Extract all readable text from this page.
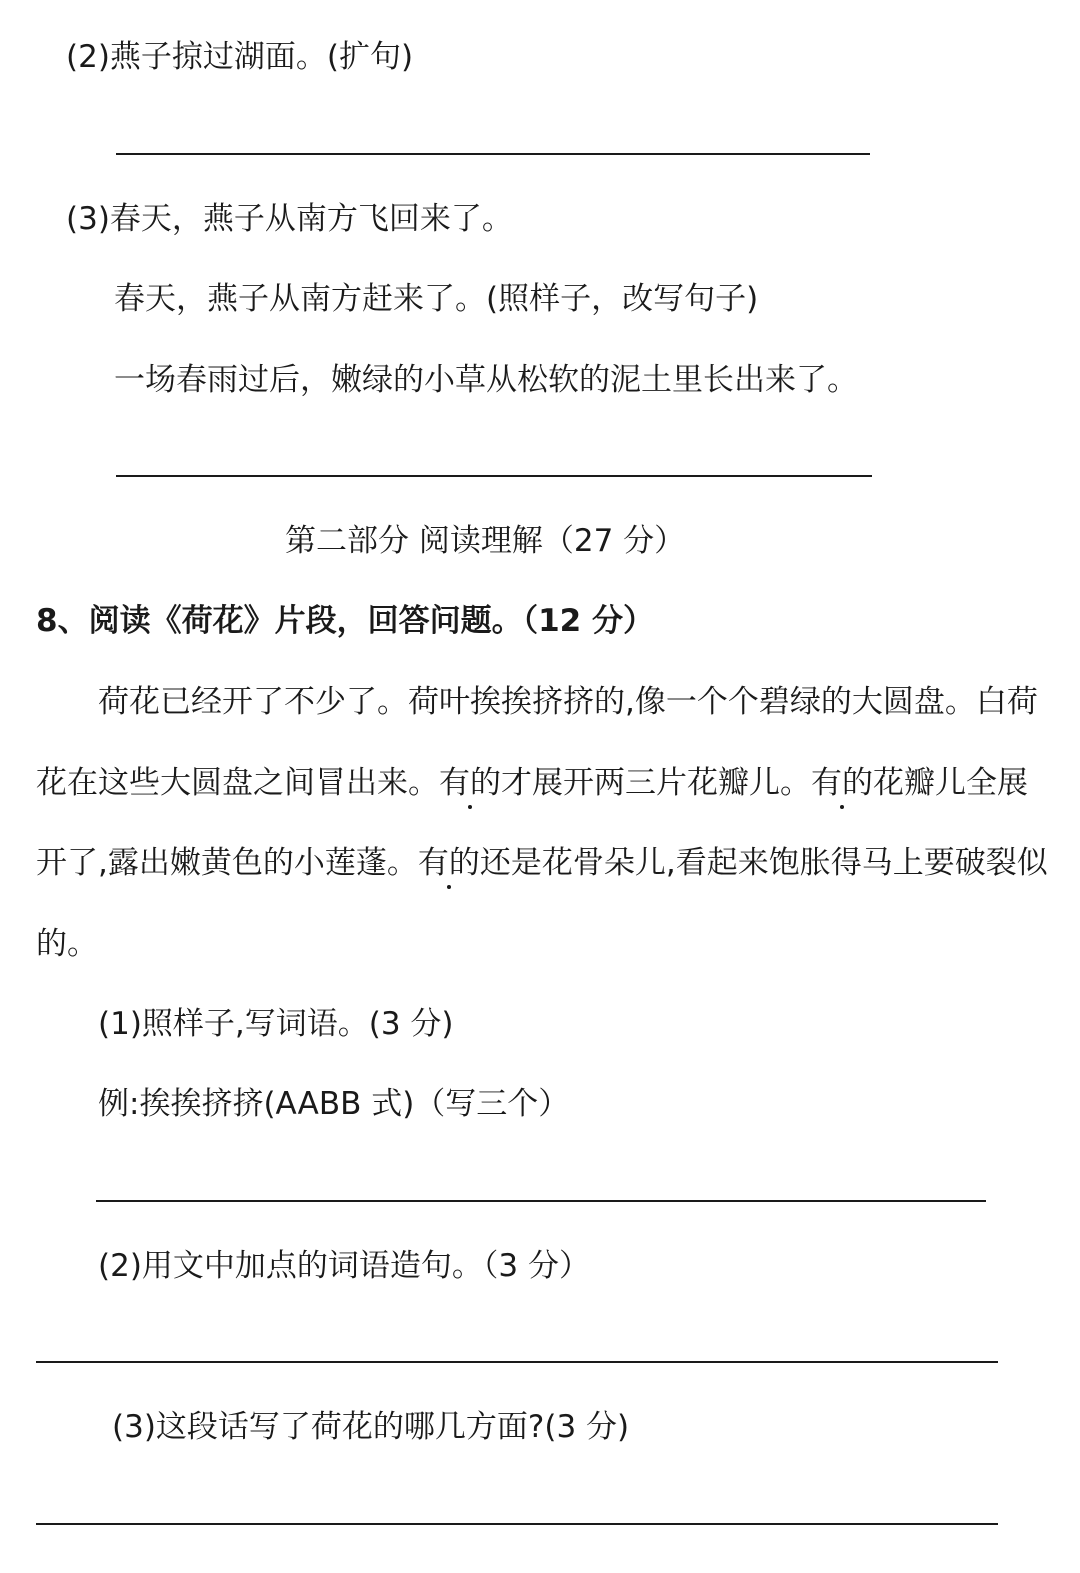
(2)燕子掠过湖面。(扩句)
(3)春天，燕子从南方飞回来了。
春天，燕子从南方赶来了。(照样子，改写句子)
一场春雨过后，嫩绿的小草从松软的泥土里长出来了。
第二部分 阅读理解（27 分）
8、阅读《荷花》片段，回答问题。（12 分）
荷花已经开了不少了。荷叶挨挨挤挤的,像一个个碧绿的大圆盘。白荷
花在这些大圆盘之间冒出来。有的才展开两三片花瓣儿。有的花瓣儿全展
开了,露出嫩黄色的小莲蓬。有的还是花骨朵儿,看起来饱胀得马上要破裂似
的。
(1)照样子,写词语。(3 分)
例:挨挨挤挤(AABB 式)（写三个）
(2)用文中加点的词语造句。（3 分）
(3)这段话写了荷花的哪几方面?(3 分)
